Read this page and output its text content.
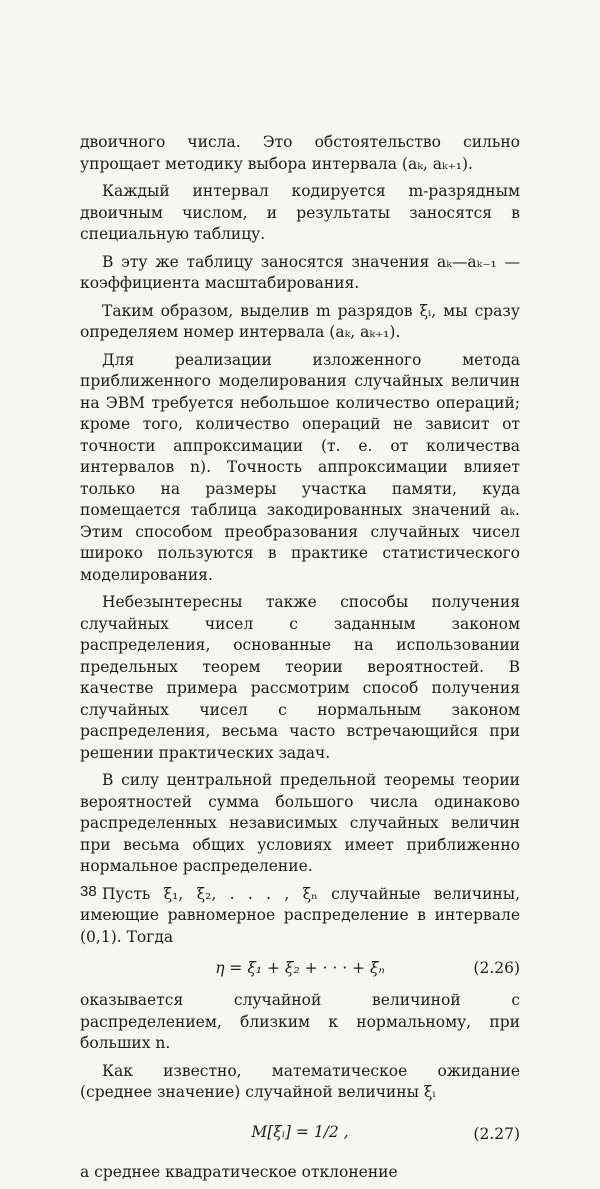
двоичного числа. Это обстоятельство сильно упрощает методику выбора интервала (aₖ, aₖ₊₁).

Каждый интервал кодируется m-разрядным двоичным числом, и результаты заносятся в специальную таблицу.

В эту же таблицу заносятся значения aₖ—aₖ₋₁ — коэффициента масштабирования.

Таким образом, выделив m разрядов ξᵢ, мы сразу определяем номер интервала (aₖ, aₖ₊₁).

Для реализации изложенного метода приближенного моделирования случайных величин на ЭВМ требуется небольшое количество операций; кроме того, количество операций не зависит от точности аппроксимации (т. е. от количества интервалов n). Точность аппроксимации влияет только на размеры участка памяти, куда помещается таблица закодированных значений aₖ. Этим способом преобразования случайных чисел широко пользуются в практике статистического моделирования.

Небезынтересны также способы получения случайных чисел с заданным законом распределения, основанные на использовании предельных теорем теории вероятностей. В качестве примера рассмотрим способ получения случайных чисел с нормальным законом распределения, весьма часто встречающийся при решении практических задач.

В силу центральной предельной теоремы теории вероятностей сумма большого числа одинаково распределенных независимых случайных величин при весьма общих условиях имеет приближенно нормальное распределение.

Пусть ξ₁, ξ₂, . . . , ξₙ случайные величины, имеющие равномерное распределение в интервале (0,1). Тогда

η = ξ₁ + ξ₂ + · · · + ξₙ	(2.26)

оказывается случайной величиной с распределением, близким к нормальному, при больших n.

Как известно, математическое ожидание (среднее значение) случайной величины ξᵢ

M[ξᵢ] = 1/2 ,	(2.27)

а среднее квадратическое отклонение

38
